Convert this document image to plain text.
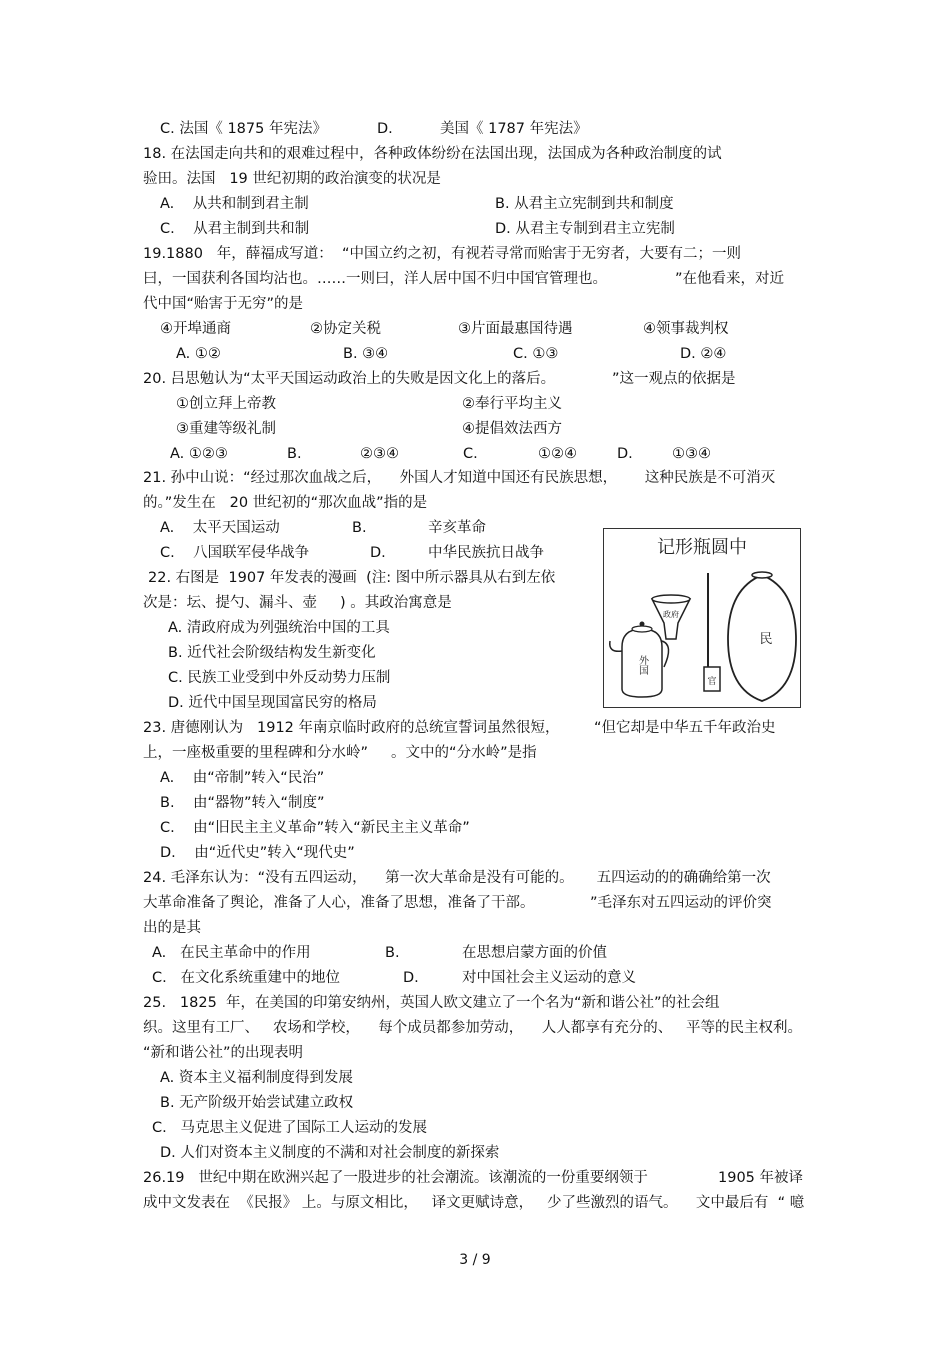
C. 法国《 1875 年宪法》	D.	美国《 1787 年宪法》
18. 在法国走向共和的艰难过程中，各种政体纷纷在法国出现，法国成为各种政治制度的试
验田。法国   19 世纪初期的政治演变的状况是
A.    从共和制到君主制	B. 从君主立宪制到共和制度
C.    从君主制到共和制	D. 从君主专制到君主立宪制
19.1880   年，薛福成写道：  “中国立约之初，有视若寻常而贻害于无穷者，大要有二；一则
曰，一国获利各国均沾也。……一则曰，洋人居中国不归中国官管理也。	”在他看来，对近
代中国“贻害于无穷”的是
④开埠通商	②协定关税	③片面最惠国待遇	④领事裁判权
A. ①②	B. ③④	C. ①③	D. ②④
20. 吕思勉认为“太平天国运动政治上的失败是因文化上的落后。	”这一观点的依据是
①创立拜上帝教	②奉行平均主义
③重建等级礼制	④提倡效法西方
A. ①②③	B.	②③④	C.	①②④	D.	①③④
21. 孙中山说：“经过那次血战之后，    外国人才知道中国还有民族思想，      这种民族是不可消灭
的。”发生在   20 世纪初的“那次血战”指的是
A.    太平天国运动	B.	辛亥革命
C.    八国联军侵华战争	D.	中华民族抗日战争
22. 右图是  1907 年发表的漫画  (注: 图中所示器具从右到左依
次是：坛、提勺、漏斗、壶     ) 。其政治寓意是
A. 清政府成为列强统治中国的工具
B. 近代社会阶级结构发生新变化
C. 民族工业受到中外反动势力压制
D. 近代中国呈现国富民穷的格局
23. 唐德刚认为   1912 年南京临时政府的总统宣誓词虽然很短， “但它却是中华五千年政治史
上，一座极重要的里程碑和分水岭”     。文中的“分水岭”是指
A.    由“帝制”转入“民治”
B.    由“器物”转入“制度”
C.    由“旧民主主义革命”转入“新民主主义革命”
D.    由“近代史”转入“现代史”
24. 毛泽东认为：“没有五四运动，    第一次大革命是没有可能的。     五四运动的的确确给第一次
大革命准备了舆论，准备了人心，准备了思想，准备了干部。	”毛泽东对五四运动的评价突
出的是其
A.   在民主革命中的作用	B.	在思想启蒙方面的价值
C.   在文化系统重建中的地位	D.	对中国社会主义运动的意义
25.   1825  年，在美国的印第安纳州，英国人欧文建立了一个名为“新和谐公社”的社会组
织。这里有工厂、   农场和学校，    每个成员都参加劳动，    人人都享有充分的、   平等的民主权利。
“新和谐公社”的出现表明
A. 资本主义福利制度得到发展
B. 无产阶级开始尝试建立政权
C.   马克思主义促进了国际工人运动的发展
D. 人们对资本主义制度的不满和对社会制度的新探索
26.19   世纪中期在欧洲兴起了一股进步的社会潮流。该潮流的一份重要纲领于	1905 年被译
成中文发表在  《民报》 上。与原文相比，   译文更赋诗意，   少了些激烈的语气。    文中最后有  “ 噫
记形瓶圆中
官
政府
外国
民
3 / 9
